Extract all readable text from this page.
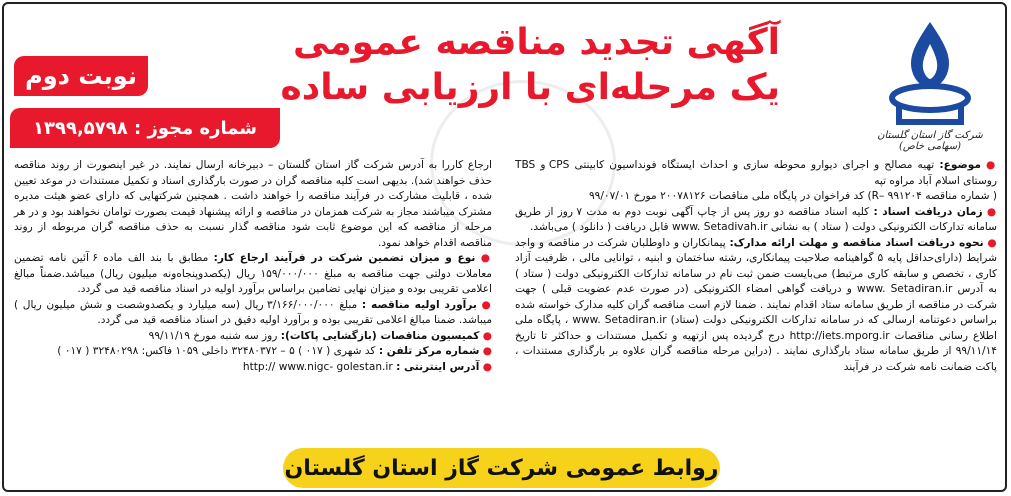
شرکت گاز استان گلستان (سهامی خاص)
آگهی تجدید مناقصه عمومی
یک مرحله‌ای با ارزیابی ساده
نوبت دوم
شماره مجوز : ۱۳۹۹,۵۷۹۸

● موضوع: تهیه مصالح و اجرای دیوارو محوطه سازی و احداث ایستگاه فونداسیون کابینتی CPS و TBS روستای اسلام آباد مراوه تپه

( شماره مناقصه R– ۹۹۱۲۰۴) کد فراخوان در پایگاه ملی مناقصات ۲۰۰۷۸۱۲۶ مورخ ۹۹/۰۷/۰۱

● زمان دریافت اسناد : کلیه اسناد مناقصه دو روز پس از چاپ آگهی نوبت دوم به مدت ۷ روز از طریق سامانه تدارکات الکترونیکی دولت ( ستاد ) به نشانی www. Setadivah.ir قابل دریافت ( دانلود ) می‌باشد.

● نحوه دریافت اسناد مناقصه و مهلت ارائه مدارک: پیمانکاران و داوطلبان شرکت در مناقصه و واجد شرایط (دارای‌حداقل پایه ۵ گواهینامه صلاحیت پیمانکاری، رشته ساختمان و ابنیه ، توانایی مالی ، ظرفیت آزاد کاری ، تخصص و سابقه کاری مرتبط) می‌بایست ضمن ثبت نام در سامانه تدارکات الکترونیکی دولت ( ستاد ) به آدرس www. Setadiran.ir و دریافت گواهی امضاء الکترونیکی (در صورت عدم عضویت قبلی ) جهت شرکت در مناقصه از طریق سامانه ستاد اقدام نمایند . ضمنا لازم است مناقصه گران کلیه مدارک خواسته شده براساس دعوتنامه ارسالی که در سامانه تدارکات الکترونیکی دولت (ستاد) www. Setadiran.ir ، پایگاه ملی اطلاع رسانی مناقصات http://iets.mporg.ir درج گردیده پس ازتهیه و تکمیل مستندات و حداکثر تا تاریخ ۹۹/۱۱/۱۴ از طریق سامانه ستاد بارگذاری نمایند . (دراین مرحله مناقصه گران علاوه بر بارگذاری مستندات ، پاکت ضمانت نامه شرکت در فرآیند

ارجاع کاررا به آدرس شرکت گاز استان گلستان – دبیرخانه ارسال نمایند. در غیر اینصورت از روند مناقصه حذف خواهند شد). بدیهی است کلیه مناقصه گران در صورت بارگذاری اسناد و تکمیل مستندات در موعد تعیین شده ، قابلیت مشارکت در فرآیند مناقصه را خواهند داشت . همچنین شرکتهایی که دارای عضو هیئت مدیره مشترک میباشند مجاز به شرکت همزمان در مناقصه و ارائه پیشنهاد قیمت بصورت توامان نخواهند بود و در هر مرحله از مناقصه که این موضوع ثابت شود مناقصه گذار نسبت به حذف مناقصه گران مربوطه از روند مناقصه اقدام خواهد نمود.

● نوع و میزان تضمین شرکت در فرآیند ارجاع کار: مطابق با بند الف ماده ۶ آئین نامه تضمین معاملات دولتی جهت مناقصه به مبلغ ۱۵۹/۰۰۰/۰۰۰ ریال (یکصدوپنجاه‌ونه میلیون ریال) میباشد.ضمناً مبالغ اعلامی تقریبی بوده و میزان نهایی تضامین براساس برآورد اولیه در اسناد مناقصه قید می گردد.

● برآورد اولیه مناقصه : مبلغ ۳/۱۶۶/۰۰۰/۰۰۰ ریال (سه میلیارد و یکصدوشصت و شش میلیون ریال ) میباشد. ضمنا مبالغ اعلامی تقریبی بوده و برآورد اولیه دقیق در اسناد مناقصه قید می گردد.

● کمیسیون مناقصات (بازگشایی پاکات): روز سه شنبه مورخ ۹۹/۱۱/۱۹

● شماره مرکز تلفن : کد شهری ( ۰۱۷ ) ۵ – ۳۲۴۸۰۳۷۲ داخلی ۱۰۵۹ فاکس: ۳۲۴۸۰۲۹۸ ( ۰۱۷ )

● آدرس اینترنتی : http:// www.nigc- golestan.ir

روابط عمومی شرکت گاز استان گلستان
